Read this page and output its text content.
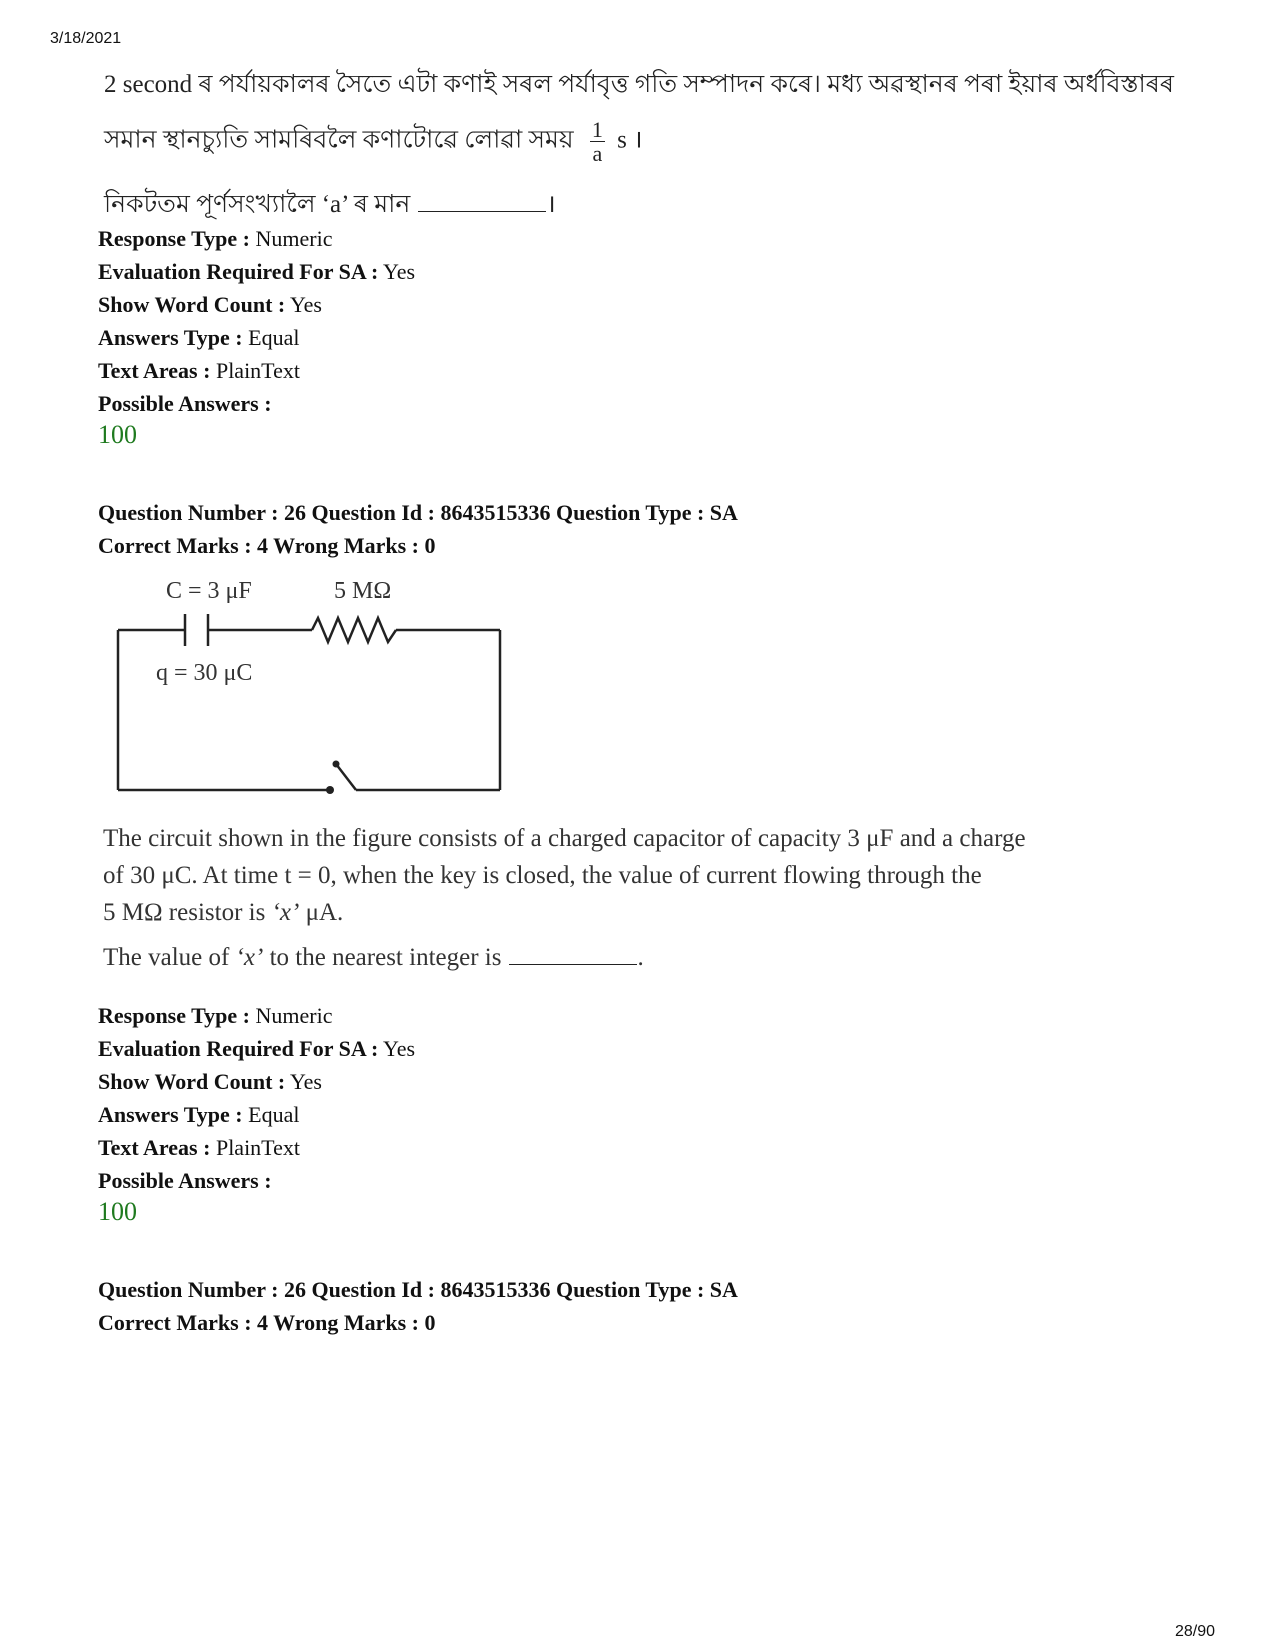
3/18/2021
2 second ৰ পৰ্যায়কালৰ সৈতে এটা কণাই সৰল পৰ্যাবৃত্ত গতি সম্পাদন কৰে। মধ্য অৱস্থানৰ পৰা ইয়াৰ অৰ্ধবিস্তাৰৰ
সমান স্থানচ্যুতি সামৰিবলৈ কণাটোৱে লোৱা সময় $\frac{1}{a}$ s ।
নিকটতম পূৰ্ণসংখ্যালৈ ‘a’ ৰ মান	।
Response Type : Numeric
Evaluation Required For SA : Yes
Show Word Count : Yes
Answers Type : Equal
Text Areas : PlainText
Possible Answers :
100
Question Number : 26 Question Id : 8643515336 Question Type : SA
Correct Marks : 4 Wrong Marks : 0
C = 3 μF	5 MΩ
q = 30 μC
The circuit shown in the figure consists of a charged capacitor of capacity 3 μF and a charge
of 30 μC. At time t = 0, when the key is closed, the value of current flowing through the
5 MΩ resistor is ‘x’ μA.
The value of ‘x’ to the nearest integer is	.
Response Type : Numeric
Evaluation Required For SA : Yes
Show Word Count : Yes
Answers Type : Equal
Text Areas : PlainText
Possible Answers :
100
Question Number : 26 Question Id : 8643515336 Question Type : SA
Correct Marks : 4 Wrong Marks : 0
28/90
